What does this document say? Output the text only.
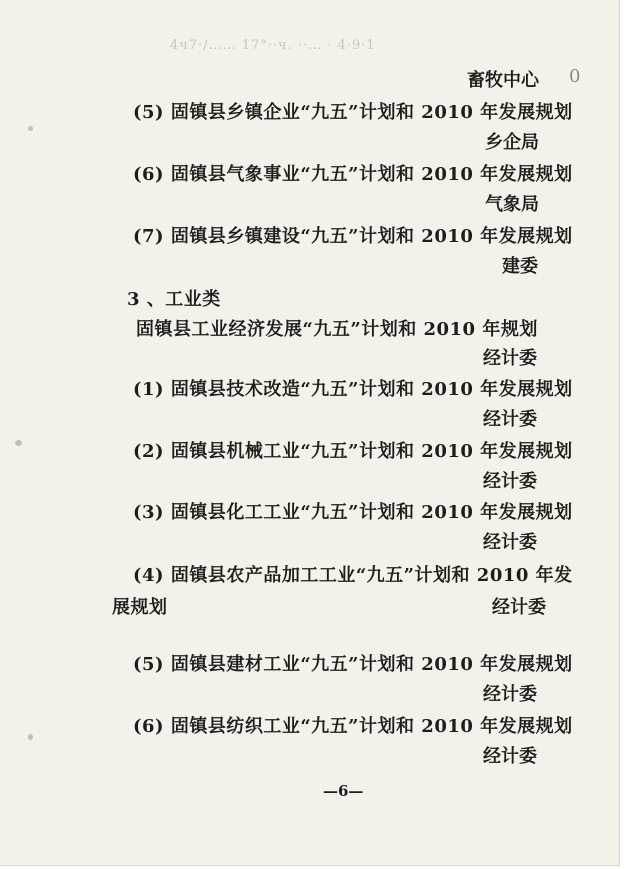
4ч7·/…… 17°··ч. ··… · 4·9·1
0
畜牧中心
(5) 固镇县乡镇企业“九五”计划和 2010 年发展规划
乡企局
(6) 固镇县气象事业“九五”计划和 2010 年发展规划
气象局
(7) 固镇县乡镇建设“九五”计划和 2010 年发展规划
建委
3 、工业类
固镇县工业经济发展“九五”计划和 2010 年规划
经计委
(1) 固镇县技术改造“九五”计划和 2010 年发展规划
经计委
(2) 固镇县机械工业“九五”计划和 2010 年发展规划
经计委
(3) 固镇县化工工业“九五”计划和 2010 年发展规划
经计委
(4) 固镇县农产品加工工业“九五”计划和 2010 年发
展规划	经计委
(5) 固镇县建材工业“九五”计划和 2010 年发展规划
经计委
(6) 固镇县纺织工业“九五”计划和 2010 年发展规划
经计委
—6—
